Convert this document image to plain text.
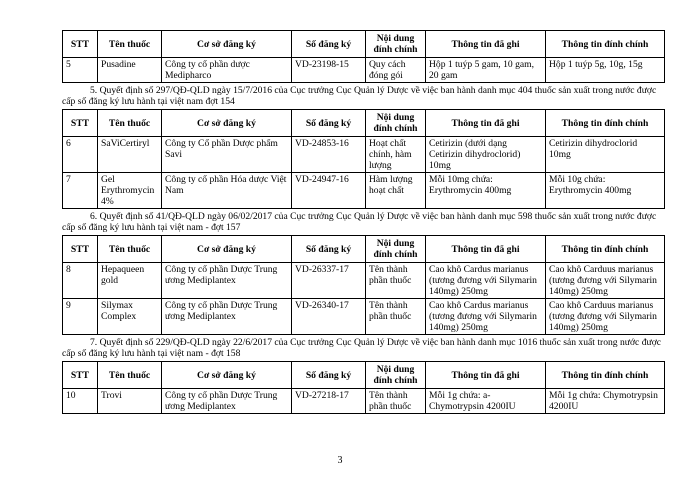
STT	Tên thuốc	Cơ sở đăng ký	Số đăng ký	Nội dung đính chính	Thông tin đã ghi	Thông tin đính chính
5	Pusadine	Công ty cổ phần dược Medipharco	VD-23198-15	Quy cách đóng gói	Hộp 1 tuýp 5 gam, 10 gam, 20 gam	Hộp 1 tuýp 5g, 10g, 15g

5. Quyết định số 297/QĐ-QLD ngày 15/7/2016 của Cục trưởng Cục Quản lý Dược về việc ban hành danh mục 404 thuốc sản xuất trong nước được cấp số đăng ký lưu hành tại việt nam đợt 154

STT	Tên thuốc	Cơ sở đăng ký	Số đăng ký	Nội dung đính chính	Thông tin đã ghi	Thông tin đính chính
6	SaViCertiryl	Công ty Cổ phần Dược phẩm Savi	VD-24853-16	Hoạt chất chính, hàm lượng	Cetirizin (dưới dạng Cetirizin dihydroclorid) 10mg	Cetirizin dihydroclorid 10mg
7	Gel Erythromycin 4%	Công ty cổ phần Hóa dược Việt Nam	VD-24947-16	Hàm lượng hoạt chất	Mỗi 10mg chứa: Erythromycin 400mg	Mỗi 10g chứa: Erythromycin 400mg

6. Quyết định số 41/QĐ-QLD ngày 06/02/2017 của Cục trưởng Cục Quản lý Dược về việc ban hành danh mục 598 thuốc sản xuất trong nước được cấp số đăng ký lưu hành tại việt nam - đợt 157

STT	Tên thuốc	Cơ sở đăng ký	Số đăng ký	Nội dung đính chính	Thông tin đã ghi	Thông tin đính chính
8	Hepaqueen gold	Công ty cổ phần Dược Trung ương Mediplantex	VD-26337-17	Tên thành phần thuốc	Cao khô Cardus marianus (tương đương với Silymarin 140mg) 250mg	Cao khô Carduus marianus (tương đương với Silymarin 140mg) 250mg
9	Silymax Complex	Công ty cổ phần Dược Trung ương Mediplantex	VD-26340-17	Tên thành phần thuốc	Cao khô Cardus marianus (tương đương với Silymarin 140mg) 250mg	Cao khô Carduus marianus (tương đương với Silymarin 140mg) 250mg

7. Quyết định số 229/QĐ-QLD ngày 22/6/2017 của Cục trưởng Cục Quản lý Dược về việc ban hành danh mục 1016 thuốc sản xuất trong nước được cấp số đăng ký lưu hành tại việt nam - đợt 158

STT	Tên thuốc	Cơ sở đăng ký	Số đăng ký	Nội dung đính chính	Thông tin đã ghi	Thông tin đính chính
10	Trovi	Công ty cổ phần Dược Trung ương Mediplantex	VD-27218-17	Tên thành phần thuốc	Mỗi 1g chứa: a-Chymotrypsin 4200IU	Mỗi 1g chứa: Chymotrypsin 4200IU
3
